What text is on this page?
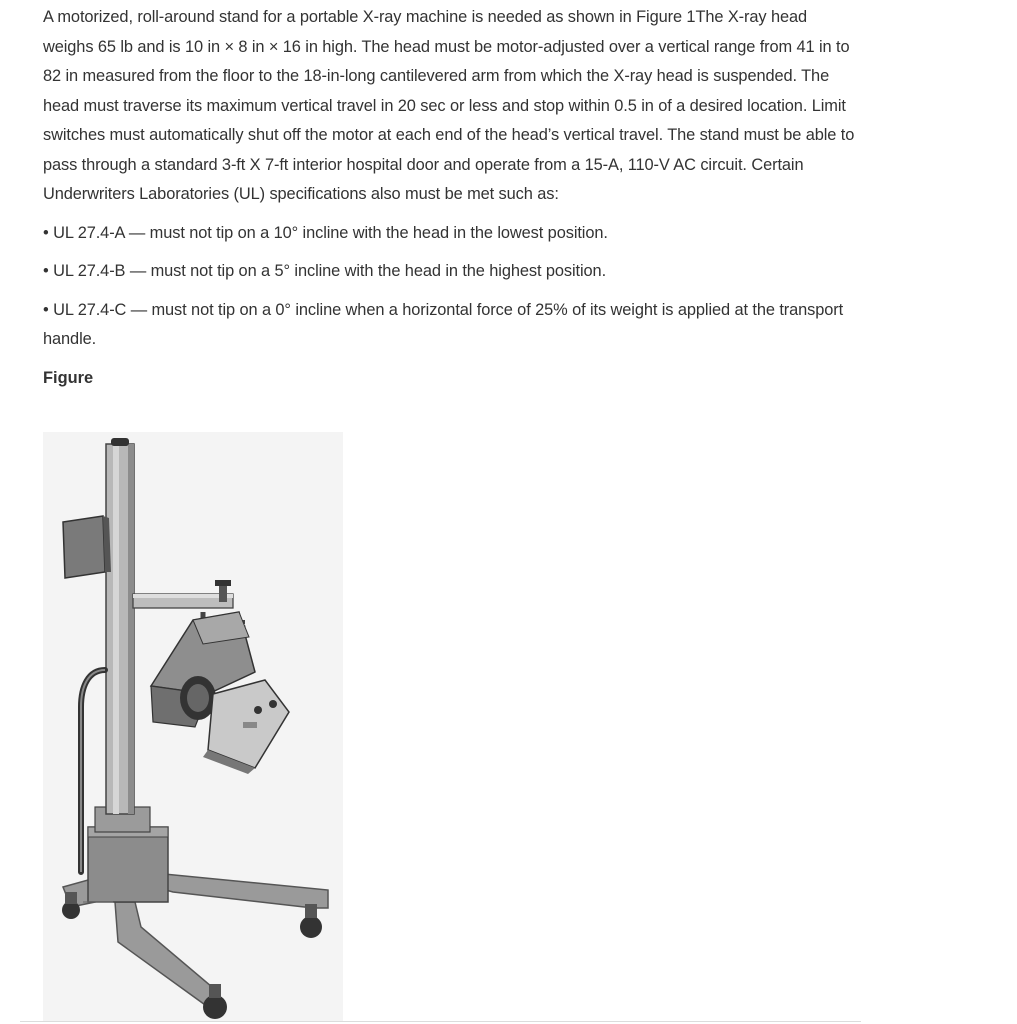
A motorized, roll-around stand for a portable X-ray machine is needed as shown in Figure 1The X-ray head weighs 65 lb and is 10 in × 8 in × 16 in high. The head must be motor-adjusted over a vertical range from 41 in to 82 in measured from the floor to the 18-in-long cantilevered arm from which the X-ray head is suspended. The head must traverse its maximum vertical travel in 20 sec or less and stop within 0.5 in of a desired location. Limit switches must automatically shut off the motor at each end of the head’s vertical travel. The stand must be able to pass through a standard 3-ft X 7-ft interior hospital door and operate from a 15-A, 110-V AC circuit. Certain Underwriters Laboratories (UL) specifications also must be met such as:

• UL 27.4-A — must not tip on a 10° incline with the head in the lowest position.

• UL 27.4-B — must not tip on a 5° incline with the head in the highest position.

• UL 27.4-C — must not tip on a 0° incline when a horizontal force of 25% of its weight is applied at the transport handle.

Figure
